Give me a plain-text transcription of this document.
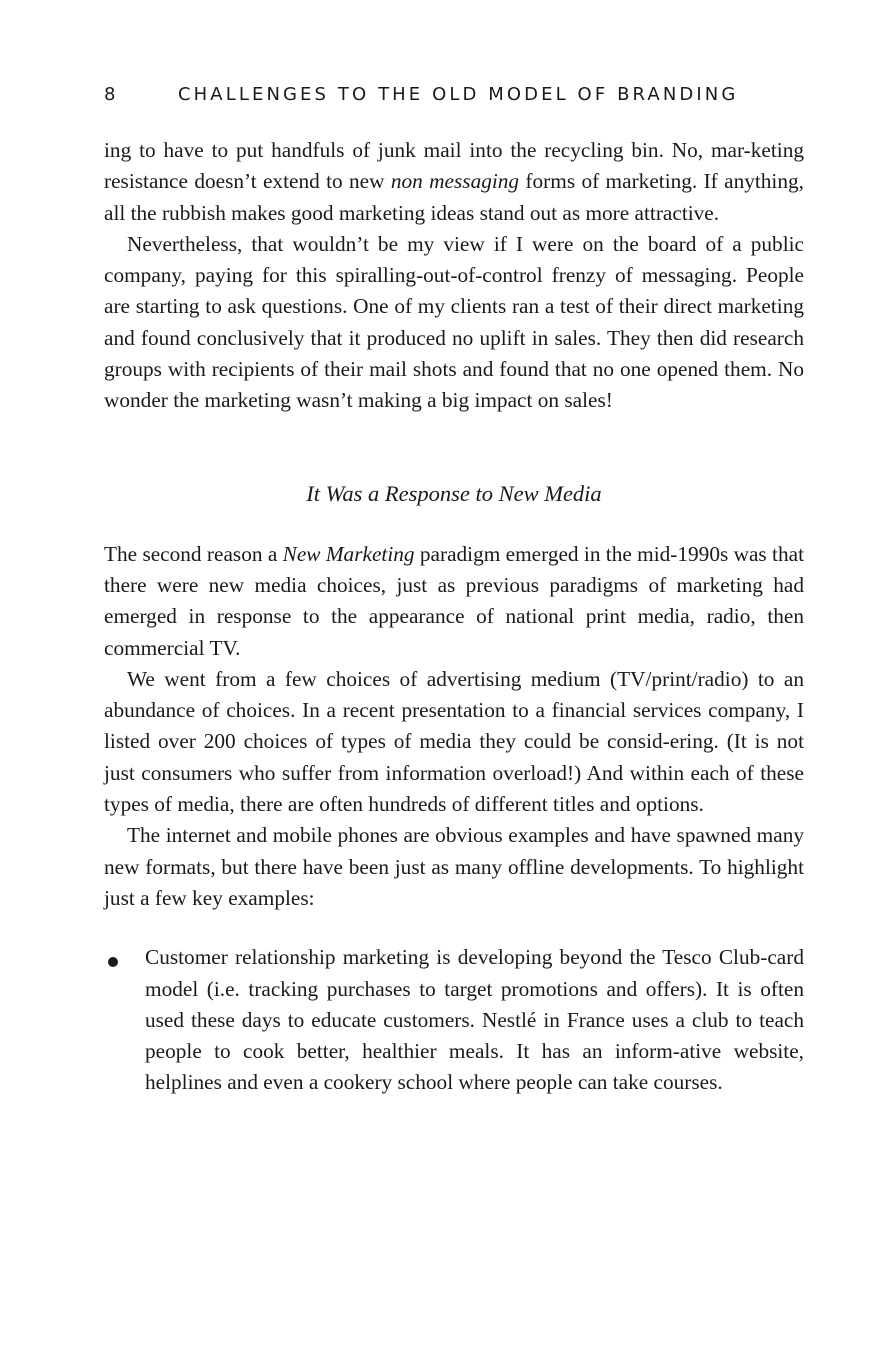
8	CHALLENGES TO THE OLD MODEL OF BRANDING

ing to have to put handfuls of junk mail into the recycling bin. No, mar-keting resistance doesn’t extend to new non messaging forms of marketing. If anything, all the rubbish makes good marketing ideas stand out as more attractive.

Nevertheless, that wouldn’t be my view if I were on the board of a public company, paying for this spiralling-out-of-control frenzy of messaging. People are starting to ask questions. One of my clients ran a test of their direct marketing and found conclusively that it produced no uplift in sales. They then did research groups with recipients of their mail shots and found that no one opened them. No wonder the marketing wasn’t making a big impact on sales!

It Was a Response to New Media

The second reason a New Marketing paradigm emerged in the mid-1990s was that there were new media choices, just as previous paradigms of marketing had emerged in response to the appearance of national print media, radio, then commercial TV.

We went from a few choices of advertising medium (TV/print/radio) to an abundance of choices. In a recent presentation to a financial services company, I listed over 200 choices of types of media they could be consid-ering. (It is not just consumers who suffer from information overload!) And within each of these types of media, there are often hundreds of different titles and options.

The internet and mobile phones are obvious examples and have spawned many new formats, but there have been just as many offline developments. To highlight just a few key examples:

Customer relationship marketing is developing beyond the Tesco Club-card model (i.e. tracking purchases to target promotions and offers). It is often used these days to educate customers. Nestlé in France uses a club to teach people to cook better, healthier meals. It has an inform-ative website, helplines and even a cookery school where people can take courses.
